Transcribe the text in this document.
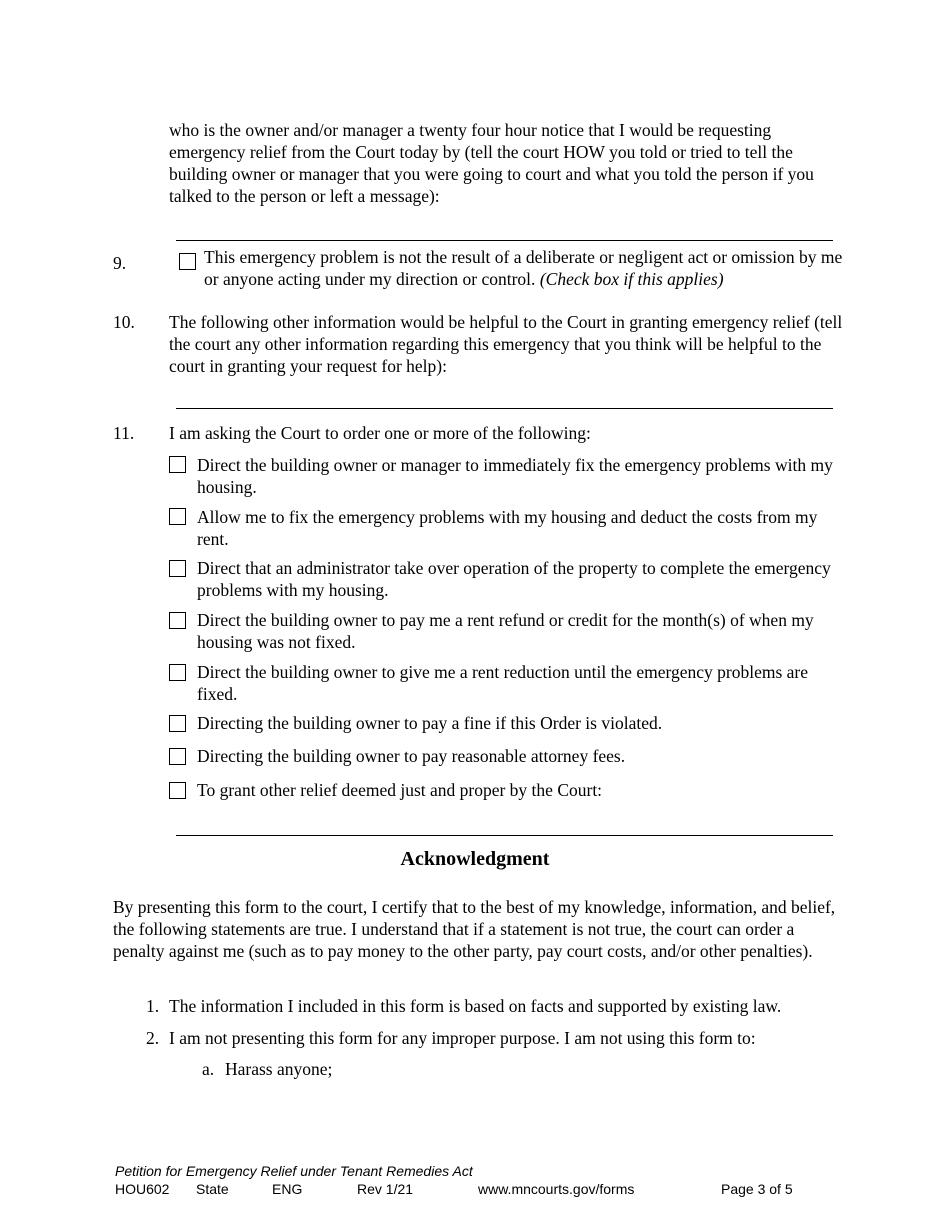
who is the owner and/or manager a twenty four hour notice that I would be requesting emergency relief from the Court today by (tell the court HOW you told or tried to tell the building owner or manager that you were going to court and what you told the person if you talked to the person or left a message):
9.	This emergency problem is not the result of a deliberate or negligent act or omission by me or anyone acting under my direction or control. (Check box if this applies)
10. The following other information would be helpful to the Court in granting emergency relief (tell the court any other information regarding this emergency that you think will be helpful to the court in granting your request for help):
11. I am asking the Court to order one or more of the following:
Direct the building owner or manager to immediately fix the emergency problems with my housing.
Allow me to fix the emergency problems with my housing and deduct the costs from my rent.
Direct that an administrator take over operation of the property to complete the emergency problems with my housing.
Direct the building owner to pay me a rent refund or credit for the month(s) of when my housing was not fixed.
Direct the building owner to give me a rent reduction until the emergency problems are fixed.
Directing the building owner to pay a fine if this Order is violated.
Directing the building owner to pay reasonable attorney fees.
To grant other relief deemed just and proper by the Court:
Acknowledgment
By presenting this form to the court, I certify that to the best of my knowledge, information, and belief, the following statements are true. I understand that if a statement is not true, the court can order a penalty against me (such as to pay money to the other party, pay court costs, and/or other penalties).
1. The information I included in this form is based on facts and supported by existing law.
2. I am not presenting this form for any improper purpose. I am not using this form to:
a. Harass anyone;
Petition for Emergency Relief under Tenant Remedies Act
HOU602 State	ENG	Rev 1/21	www.mncourts.gov/forms	Page 3 of 5
